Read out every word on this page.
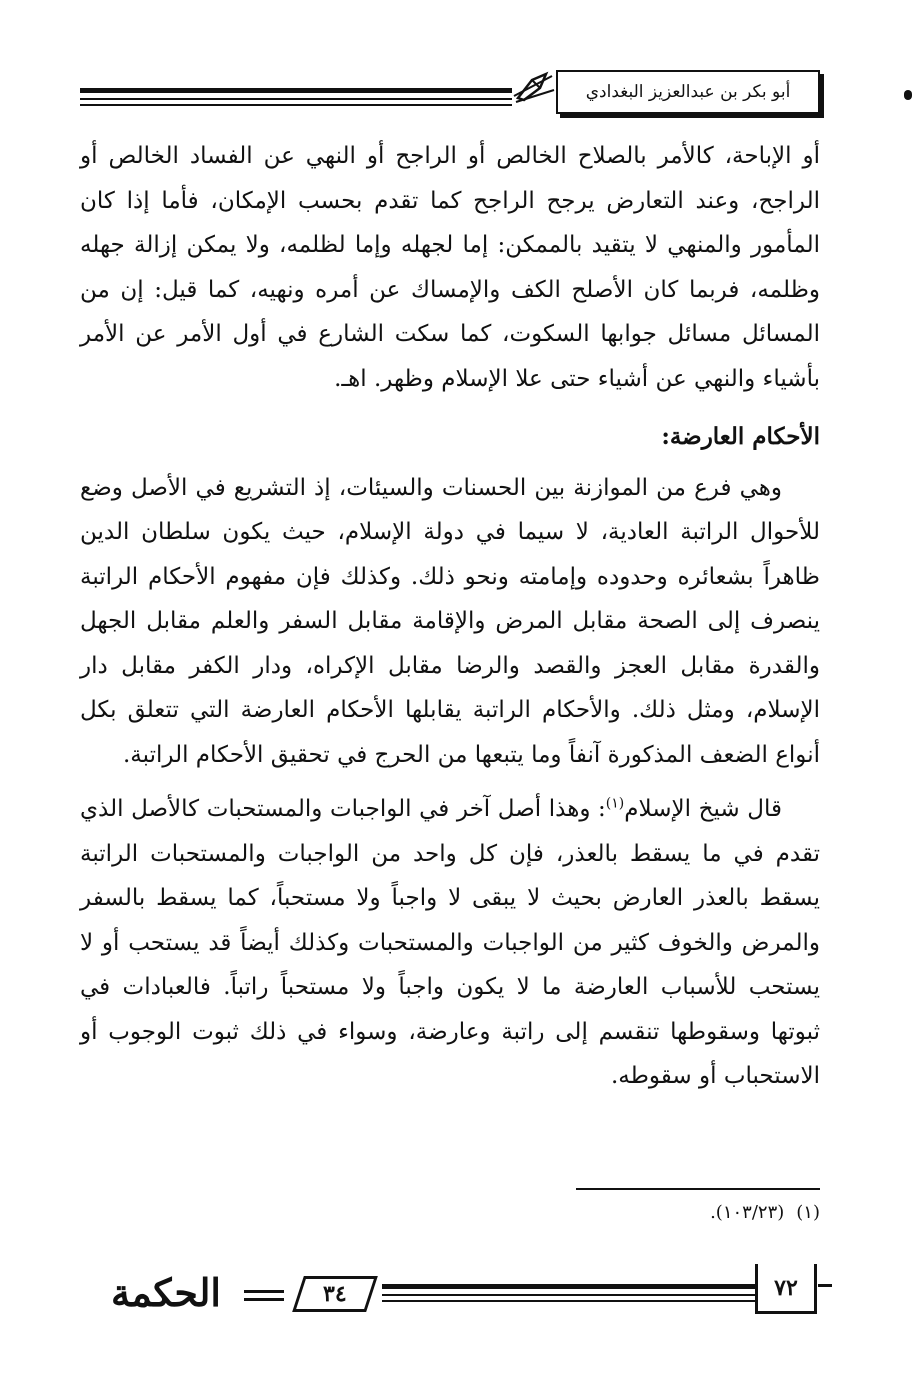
أبو بكر بن عبدالعزيز البغدادي

أو الإباحة، كالأمر بالصلاح الخالص أو الراجح أو النهي عن الفساد الخالص أو الراجح، وعند التعارض يرجح الراجح كما تقدم بحسب الإمكان، فأما إذا كان المأمور والمنهي لا يتقيد بالممكن: إما لجهله وإما لظلمه، ولا يمكن إزالة جهله وظلمه، فربما كان الأصلح الكف والإمساك عن أمره ونهيه، كما قيل: إن من المسائل مسائل جوابها السكوت، كما سكت الشارع في أول الأمر عن الأمر بأشياء والنهي عن أشياء حتى علا الإسلام وظهر. اهـ.

الأحكام العارضة:

وهي فرع من الموازنة بين الحسنات والسيئات، إذ التشريع في الأصل وضع للأحوال الراتبة العادية، لا سيما في دولة الإسلام، حيث يكون سلطان الدين ظاهراً بشعائره وحدوده وإمامته ونحو ذلك. وكذلك فإن مفهوم الأحكام الراتبة ينصرف إلى الصحة مقابل المرض والإقامة مقابل السفر والعلم مقابل الجهل والقدرة مقابل العجز والقصد والرضا مقابل الإكراه، ودار الكفر مقابل دار الإسلام، ومثل ذلك. والأحكام الراتبة يقابلها الأحكام العارضة التي تتعلق بكل أنواع الضعف المذكورة آنفاً وما يتبعها من الحرج في تحقيق الأحكام الراتبة.

قال شيخ الإسلام$^{(١)}$: وهذا أصل آخر في الواجبات والمستحبات كالأصل الذي تقدم في ما يسقط بالعذر، فإن كل واحد من الواجبات والمستحبات الراتبة يسقط بالعذر العارض بحيث لا يبقى لا واجباً ولا مستحباً، كما يسقط بالسفر والمرض والخوف كثير من الواجبات والمستحبات وكذلك أيضاً قد يستحب أو لا يستحب للأسباب العارضة ما لا يكون واجباً ولا مستحباً راتباً. فالعبادات في ثبوتها وسقوطها تنقسم إلى راتبة وعارضة، وسواء في ذلك ثبوت الوجوب أو الاستحباب أو سقوطه.

(١)(١٠٣/٢٣).
الحكمة	٣٤	٧٢
